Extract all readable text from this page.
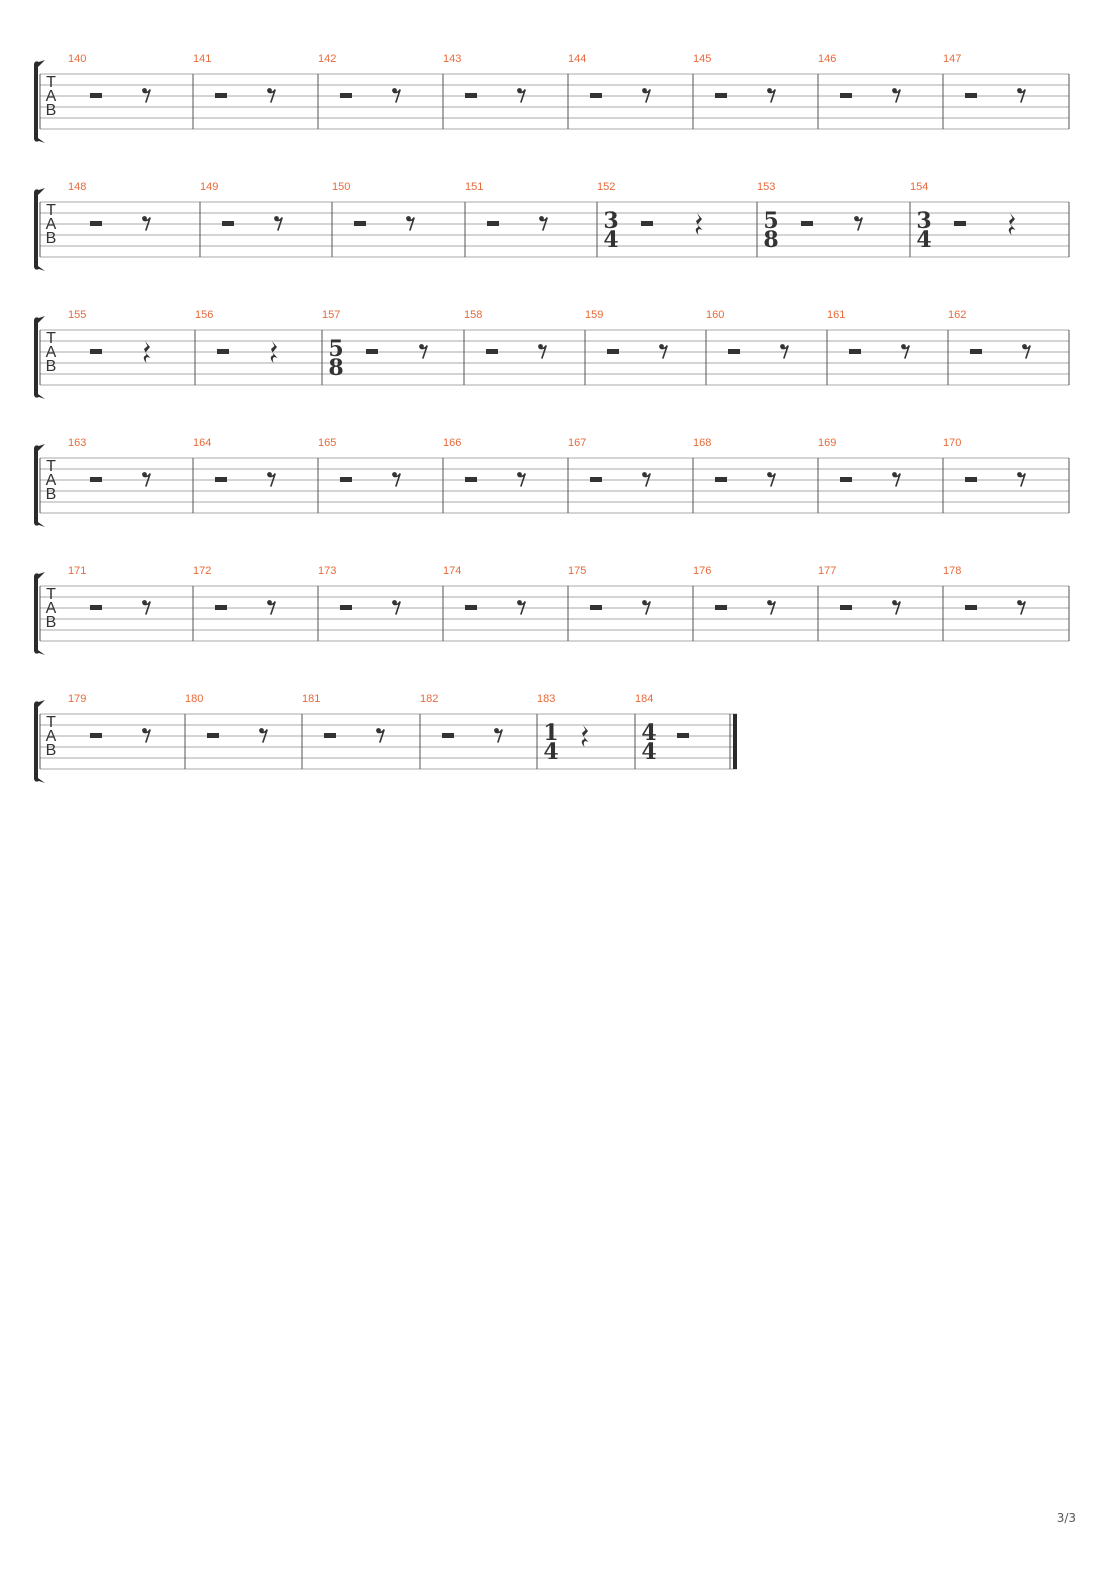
T
A
B
140	141	142	143	144	145	146	147
T
A
B
148	149	150	151	152
3
4
153
5
8
154
3
4
T
A
B
155	156	157
5
8
158	159	160	161	162
T
A
B
163	164	165	166	167	168	169	170
T
A
B
171	172	173	174	175	176	177	178
T
A
B
179	180	181	182	183
1
4
184
4
4
3/3
